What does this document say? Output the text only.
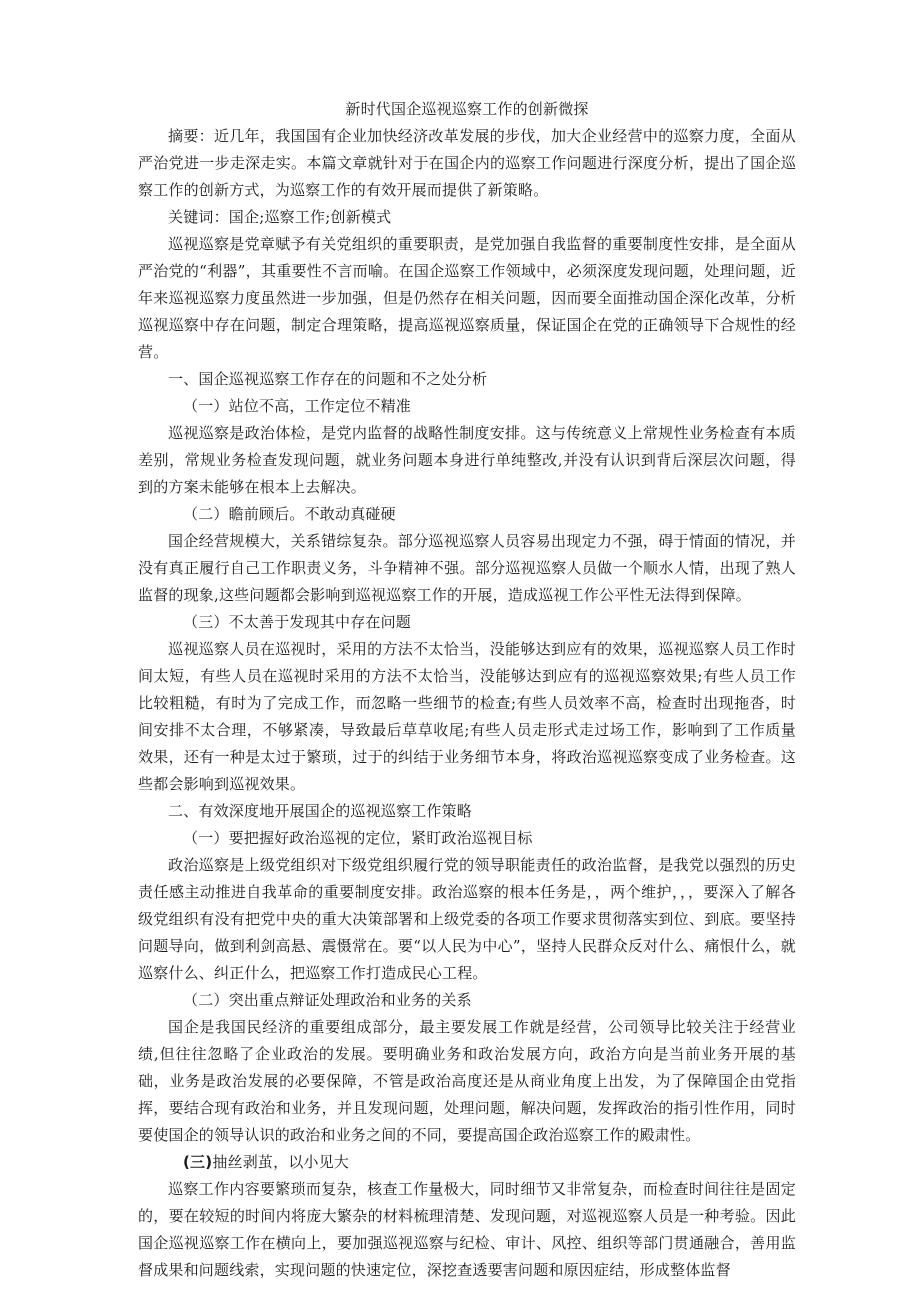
新时代国企巡视巡察工作的创新微探

摘要：近几年，我国国有企业加快经济改革发展的步伐，加大企业经营中的巡察力度，全面从严治党进一步走深走实。本篇文章就针对于在国企内的巡察工作问题进行深度分析，提出了国企巡察工作的创新方式，为巡察工作的有效开展而提供了新策略。

关键词：国企;巡察工作;创新模式

巡视巡察是党章赋予有关党组织的重要职责，是党加强自我监督的重要制度性安排，是全面从严治党的“利器”，其重要性不言而喻。在国企巡察工作领域中，必须深度发现问题，处理问题，近年来巡视巡察力度虽然进一步加强，但是仍然存在相关问题，因而要全面推动国企深化改革，分析巡视巡察中存在问题，制定合理策略，提高巡视巡察质量，保证国企在党的正确领导下合规性的经营。

一、国企巡视巡察工作存在的问题和不之处分析

（一）站位不高，工作定位不精准

巡视巡察是政治体检，是党内监督的战略性制度安排。这与传统意义上常规性业务检查有本质差别，常规业务检查发现问题，就业务问题本身进行单纯整改,并没有认识到背后深层次问题，得到的方案未能够在根本上去解决。

（二）瞻前顾后。不敢动真碰硬

国企经营规模大，关系错综复杂。部分巡视巡察人员容易出现定力不强，碍于情面的情况，并没有真正履行自己工作职责义务，斗争精神不强。部分巡视巡察人员做一个顺水人情，出现了熟人监督的现象,这些问题都会影响到巡视巡察工作的开展，造成巡视工作公平性无法得到保障。

（三）不太善于发现其中存在问题

巡视巡察人员在巡视时，采用的方法不太恰当，没能够达到应有的效果，巡视巡察人员工作时间太短，有些人员在巡视时采用的方法不太恰当，没能够达到应有的巡视巡察效果;有些人员工作比较粗糙，有时为了完成工作，而忽略一些细节的检查;有些人员效率不高，检查时出现拖沓，时间安排不太合理，不够紧凑，导致最后草草收尾;有些人员走形式走过场工作，影响到了工作质量效果，还有一种是太过于繁琐，过于的纠结于业务细节本身，将政治巡视巡察变成了业务检查。这些都会影响到巡视效果。

二、有效深度地开展国企的巡视巡察工作策略

（一）要把握好政治巡视的定位，紧盯政治巡视目标

政治巡察是上级党组织对下级党组织履行党的领导职能责任的政治监督，是我党以强烈的历史责任感主动推进自我革命的重要制度安排。政治巡察的根本任务是，，两个维护，，，要深入了解各级党组织有没有把党中央的重大决策部署和上级党委的各项工作要求贯彻落实到位、到底。要坚持问题导向，做到利剑高悬、震慑常在。要“以人民为中心”，坚持人民群众反对什么、痛恨什么，就巡察什么、纠正什么，把巡察工作打造成民心工程。

（二）突出重点辩证处理政治和业务的关系

国企是我国民经济的重要组成部分，最主要发展工作就是经营，公司领导比较关注于经营业绩,但往往忽略了企业政治的发展。要明确业务和政治发展方向，政治方向是当前业务开展的基础，业务是政治发展的必要保障，不管是政治高度还是从商业角度上出发，为了保障国企由党指挥，要结合现有政治和业务，并且发现问题，处理问题，解决问题，发挥政治的指引性作用，同时要使国企的领导认识的政治和业务之间的不同，要提高国企政治巡察工作的殿肃性。

(三)抽丝剥茧，以小见大

巡察工作内容要繁琐而复杂，核查工作量极大，同时细节又非常复杂，而检查时间往往是固定的，要在较短的时间内将庞大繁杂的材料梳理清楚、发现问题，对巡视巡察人员是一种考验。因此国企巡视巡察工作在横向上，要加强巡视巡察与纪检、审计、风控、组织等部门贯通融合，善用监督成果和问题线索，实现问题的快速定位，深挖查透要害问题和原因症结，形成整体监督
